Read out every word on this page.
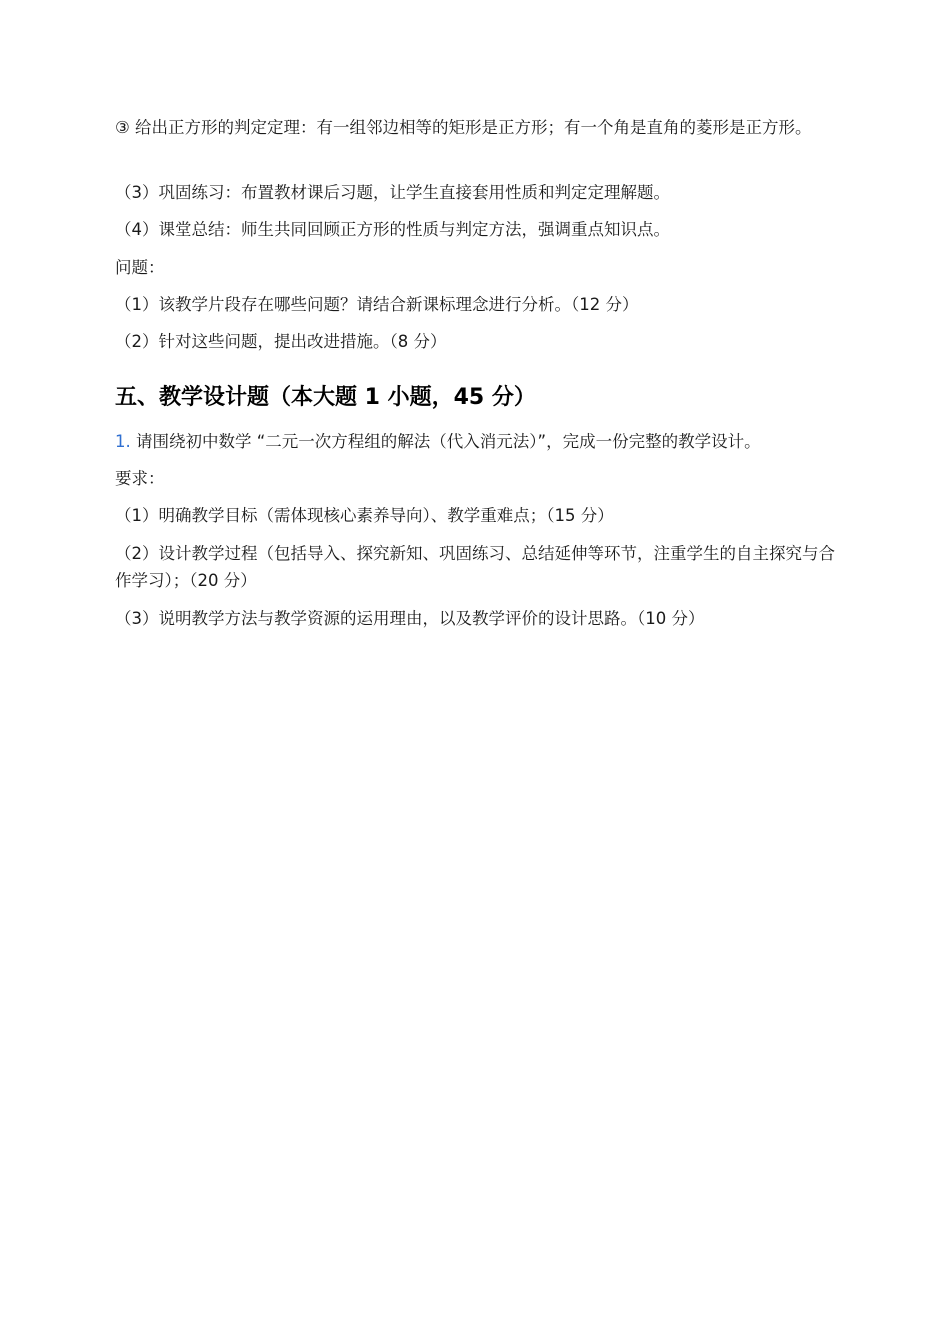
③ 给出正方形的判定定理：有一组邻边相等的矩形是正方形；有一个角是直角的菱形是正方形。
（3）巩固练习：布置教材课后习题，让学生直接套用性质和判定定理解题。
（4）课堂总结：师生共同回顾正方形的性质与判定方法，强调重点知识点。
问题：
（1）该教学片段存在哪些问题？请结合新课标理念进行分析。（12 分）
（2）针对这些问题，提出改进措施。（8 分）
五、教学设计题（本大题 1 小题，45 分）
1. 请围绕初中数学 “二元一次方程组的解法（代入消元法）”，完成一份完整的教学设计。
要求：
（1）明确教学目标（需体现核心素养导向）、教学重难点；（15 分）
（2）设计教学过程（包括导入、探究新知、巩固练习、总结延伸等环节，注重学生的自主探究与合作学习）；（20 分）
（3）说明教学方法与教学资源的运用理由，以及教学评价的设计思路。（10 分）
